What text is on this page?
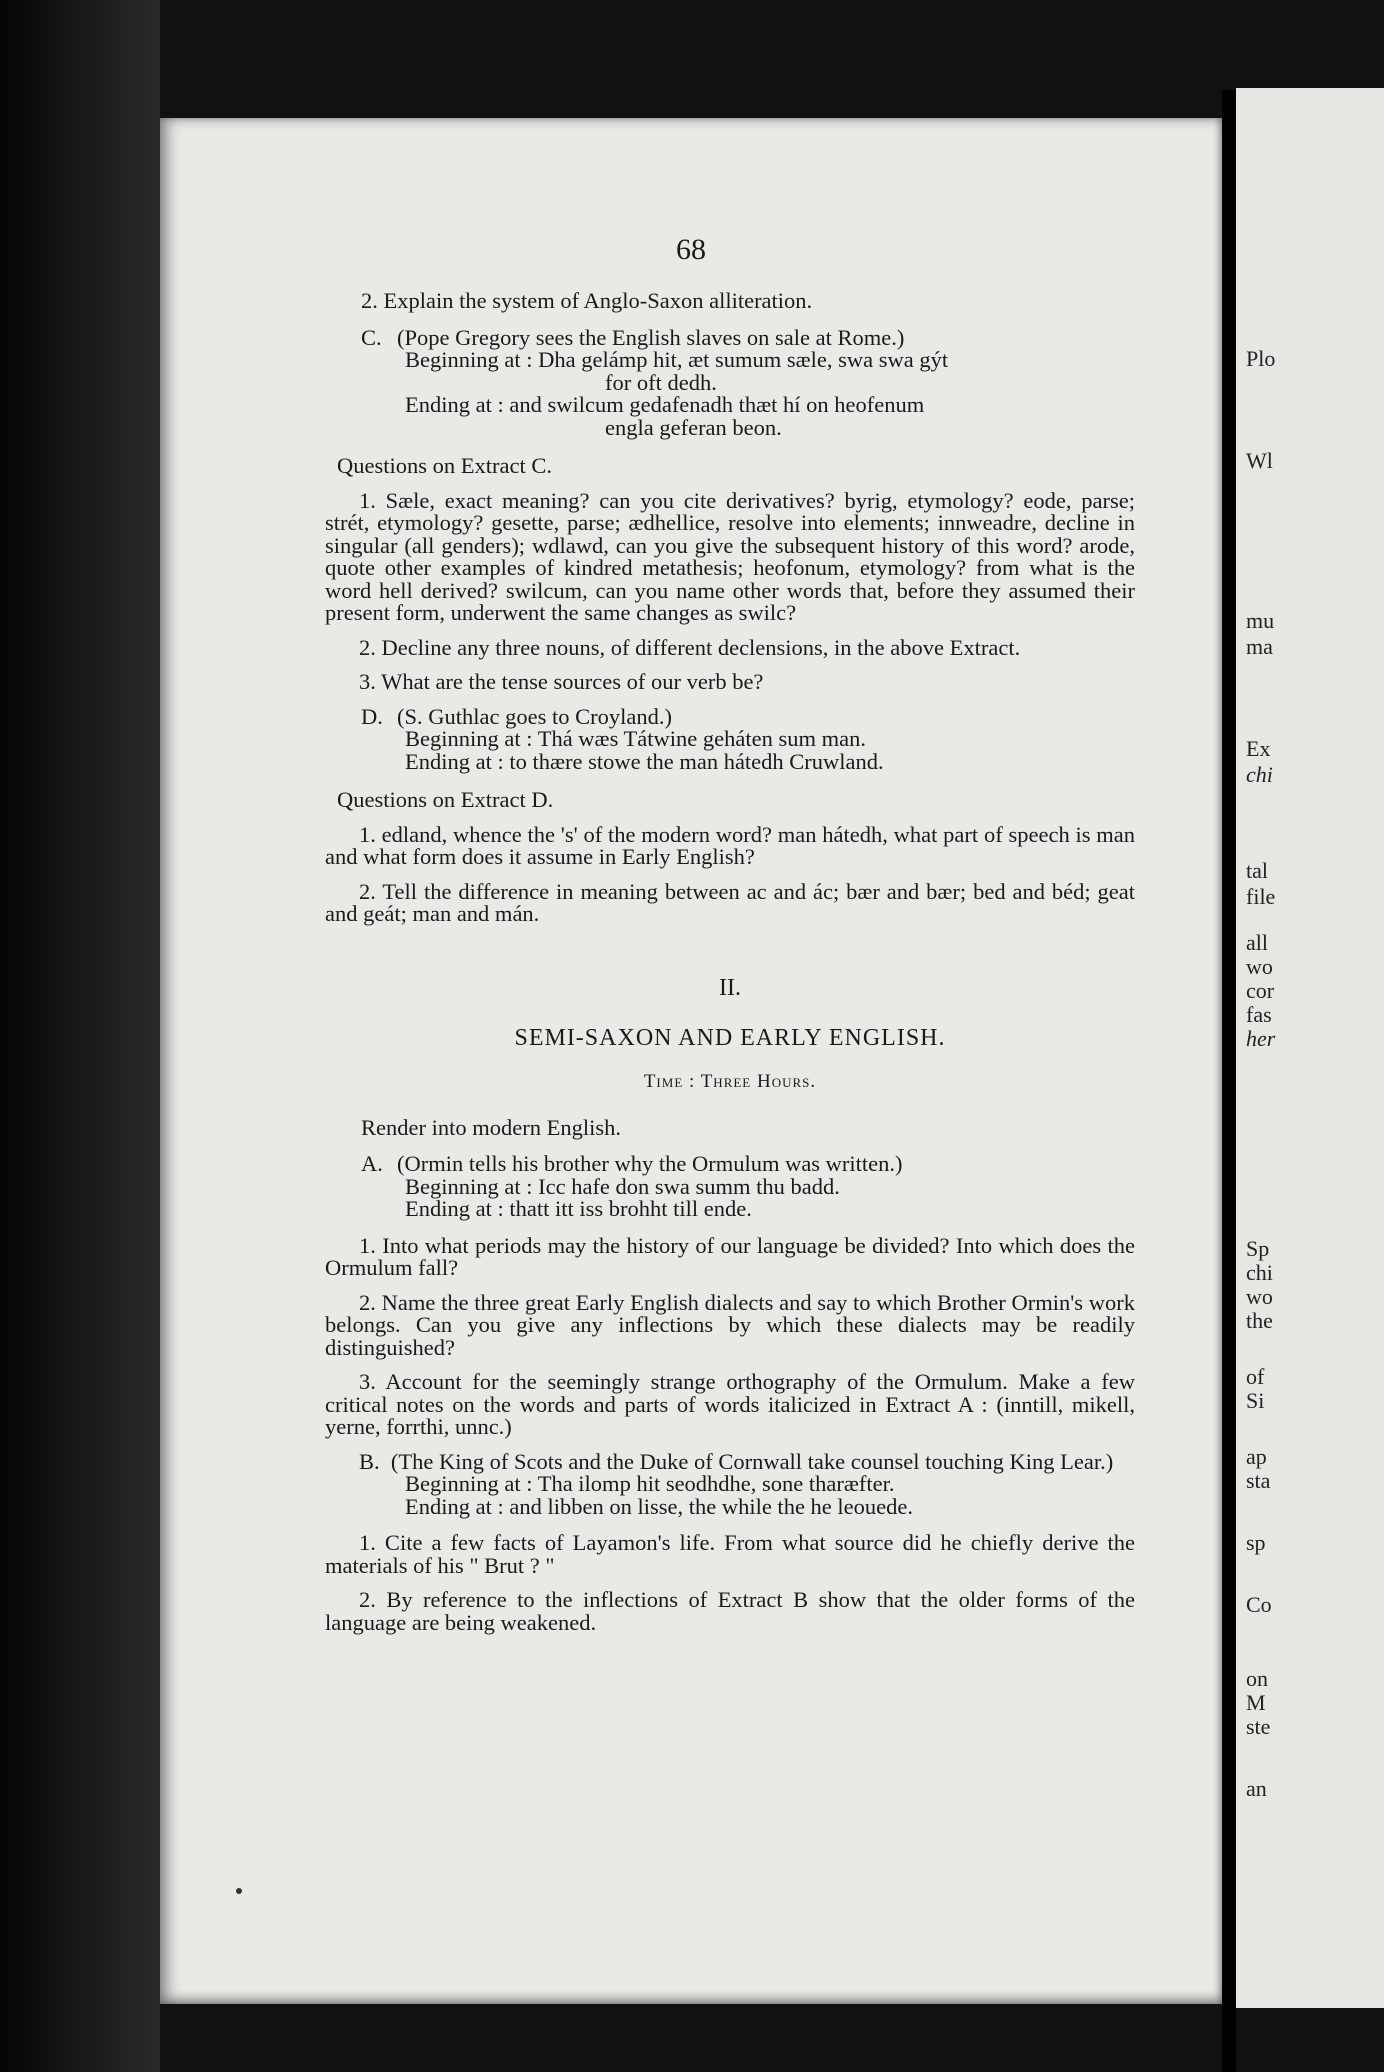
68

2. Explain the system of Anglo-Saxon alliteration.

C. (Pope Gregory sees the English slaves on sale at Rome.)

Beginning at : Dha gelámp hit, æt sumum sæle, swa swa gýt

for oft dedh.

Ending at : and swilcum gedafenadh thæt hí on heofenum

engla geferan beon.

Questions on Extract C.

1. Sæle, exact meaning? can you cite derivatives? byrig, etymology? eode, parse; strét, etymology? gesette, parse; ædhellice, resolve into elements; innweadre, decline in singular (all genders); wdlawd, can you give the subsequent history of this word? arode, quote other examples of kindred metathesis; heofonum, etymology? from what is the word hell derived? swilcum, can you name other words that, before they assumed their present form, underwent the same changes as swilc?

2. Decline any three nouns, of different declensions, in the above Extract.

3. What are the tense sources of our verb be?

D. (S. Guthlac goes to Croyland.)

Beginning at : Thá wæs Tátwine geháten sum man.

Ending at : to thære stowe the man hátedh Cruwland.

Questions on Extract D.

1. edland, whence the 's' of the modern word? man hátedh, what part of speech is man and what form does it assume in Early English?

2. Tell the difference in meaning between ac and ác; bær and bær; bed and béd; geat and geát; man and mán.

II.
SEMI-SAXON AND EARLY ENGLISH.
Time : Three Hours.

Render into modern English.

A. (Ormin tells his brother why the Ormulum was written.)

Beginning at : Icc hafe don swa summ thu badd.

Ending at : thatt itt iss brohht till ende.

1. Into what periods may the history of our language be divided? Into which does the Ormulum fall?

2. Name the three great Early English dialects and say to which Brother Ormin's work belongs. Can you give any inflections by which these dialects may be readily distinguished?

3. Account for the seemingly strange orthography of the Ormulum. Make a few critical notes on the words and parts of words italicized in Extract A : (inntill, mikell, yerne, forrthi, unnc.)

B. (The King of Scots and the Duke of Cornwall take counsel touching King Lear.)

Beginning at : Tha ilomp hit seodhdhe, sone tharæfter.

Ending at : and libben on lisse, the while the he leouede.

1. Cite a few facts of Layamon's life. From what source did he chiefly derive the materials of his " Brut ? "

2. By reference to the inflections of Extract B show that the older forms of the language are being weakened.

Plo
Wl
mu
ma
Ex
chi
tal
file
all
wo
cor
fas
her
Sp
chi
wo
the
of
Si
ap
sta
sp
Co
on
M
ste
an
